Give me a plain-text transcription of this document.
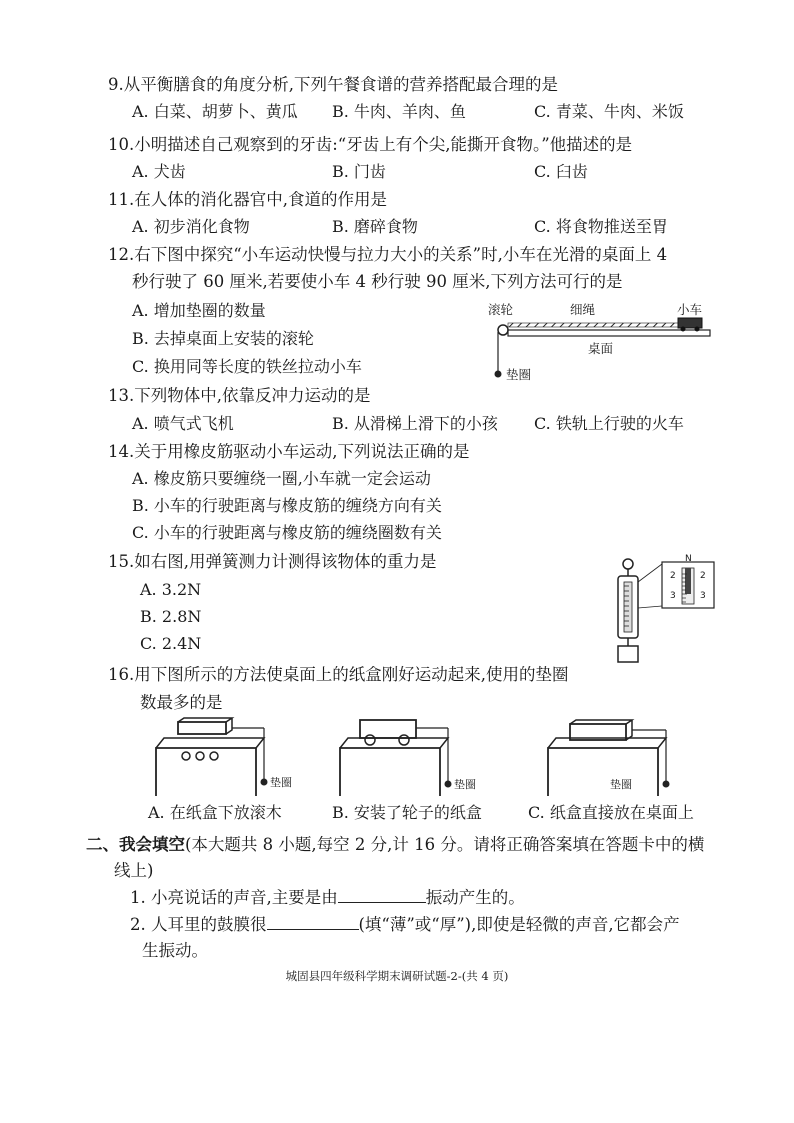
9.从平衡膳食的角度分析,下列午餐食谱的营养搭配最合理的是
A. 白菜、胡萝卜、黄瓜 B. 牛肉、羊肉、鱼	C. 青菜、牛肉、米饭
10.小明描述自己观察到的牙齿:“牙齿上有个尖,能撕开食物。”他描述的是
A. 犬齿	B. 门齿	C. 臼齿
11.在人体的消化器官中,食道的作用是
A. 初步消化食物	B. 磨碎食物	C. 将食物推送至胃
12.右下图中探究“小车运动快慢与拉力大小的关系”时,小车在光滑的桌面上 4
秒行驶了 60 厘米,若要使小车 4 秒行驶 90 厘米,下列方法可行的是
A. 增加垫圈的数量
B. 去掉桌面上安装的滚轮
C. 换用同等长度的铁丝拉动小车
滚轮	细绳	小车
垫圈
桌面
13.下列物体中,依靠反冲力运动的是
A. 喷气式飞机	B. 从滑梯上滑下的小孩 C. 铁轨上行驶的火车
14.关于用橡皮筋驱动小车运动,下列说法正确的是
A. 橡皮筋只要缠绕一圈,小车就一定会运动
B. 小车的行驶距离与橡皮筋的缠绕方向有关
C. 小车的行驶距离与橡皮筋的缠绕圈数有关
15.如右图,用弹簧测力计测得该物体的重力是
A. 3.2N
B. 2.8N
C. 2.4N
N
2	2
3	3
16.用下图所示的方法使桌面上的纸盒刚好运动起来,使用的垫圈
数最多的是
垫圈	垫圈	垫圈
A. 在纸盒下放滚木	B. 安装了轮子的纸盒	C. 纸盒直接放在桌面上
二、我会填空(本大题共 8 小题,每空 2 分,计 16 分。请将正确答案填在答题卡中的横
线上)
1. 小亮说话的声音,主要是由	振动产生的。
2. 人耳里的鼓膜很	(填“薄”或“厚”),即使是轻微的声音,它都会产
生振动。
城固县四年级科学期末调研试题-2-(共 4 页)
